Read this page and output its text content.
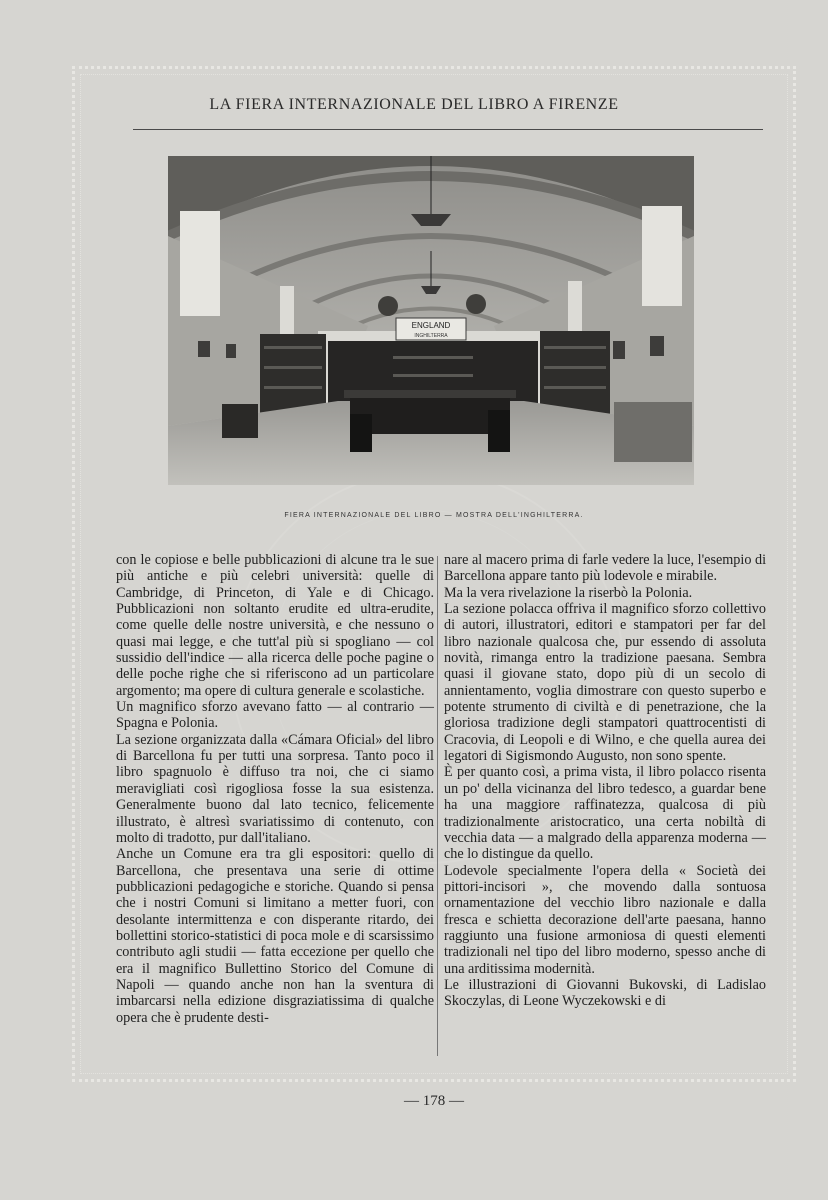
LA FIERA INTERNAZIONALE DEL LIBRO A FIRENZE
ENGLAND
INGHILTERRA
FIERA INTERNAZIONALE DEL LIBRO — MOSTRA DELL'INGHILTERRA.

con le copiose e belle pubblicazioni di alcune tra le sue più antiche e più celebri università: quelle di Cambridge, di Princeton, di Yale e di Chicago. Pubblicazioni non soltanto erudite ed ultra-erudite, come quelle delle nostre università, e che nessuno o quasi mai legge, e che tutt'al più si spogliano — col sussidio dell'indice — alla ricerca delle poche pagine o delle poche righe che si riferiscono ad un particolare argomento; ma opere di cultura generale e scolastiche.

Un magnifico sforzo avevano fatto — al contrario — Spagna e Polonia.

La sezione organizzata dalla «Cámara Oficial» del libro di Barcellona fu per tutti una sorpresa. Tanto poco il libro spagnuolo è diffuso tra noi, che ci siamo meravigliati così rigogliosa fosse la sua esistenza. Generalmente buono dal lato tecnico, felicemente illustrato, è altresì svariatissimo di contenuto, con molto di tradotto, pur dall'italiano.

Anche un Comune era tra gli espositori: quello di Barcellona, che presentava una serie di ottime pubblicazioni pedagogiche e storiche. Quando si pensa che i nostri Comuni si limitano a metter fuori, con desolante intermittenza e con disperante ritardo, dei bollettini storico-statistici di poca mole e di scarsissimo contributo agli studii — fatta eccezione per quello che era il magnifico Bullettino Storico del Comune di Napoli — quando anche non han la sventura di imbarcarsi nella edizione disgraziatissima di qualche opera che è prudente desti-

nare al macero prima di farle vedere la luce, l'esempio di Barcellona appare tanto più lodevole e mirabile.

Ma la vera rivelazione la riserbò la Polonia.

La sezione polacca offriva il magnifico sforzo collettivo di autori, illustratori, editori e stampatori per far del libro nazionale qualcosa che, pur essendo di assoluta novità, rimanga entro la tradizione paesana. Sembra quasi il giovane stato, dopo più di un secolo di annientamento, voglia dimostrare con questo superbo e potente strumento di civiltà e di penetrazione, che la gloriosa tradizione degli stampatori quattrocentisti di Cracovia, di Leopoli e di Wilno, e che quella aurea dei legatori di Sigismondo Augusto, non sono spente.

È per quanto così, a prima vista, il libro polacco risenta un po' della vicinanza del libro tedesco, a guardar bene ha una maggiore raffinatezza, qualcosa di più tradizionalmente aristocratico, una certa nobiltà di vecchia data — a malgrado della apparenza moderna — che lo distingue da quello.

Lodevole specialmente l'opera della « Società dei pittori-incisori », che movendo dalla sontuosa ornamentazione del vecchio libro nazionale e dalla fresca e schietta decorazione dell'arte paesana, hanno raggiunto una fusione armoniosa di questi elementi tradizionali nel tipo del libro moderno, spesso anche di una arditissima modernità.

Le illustrazioni di Giovanni Bukovski, di Ladislao Skoczylas, di Leone Wyczekowski e di

— 178 —
